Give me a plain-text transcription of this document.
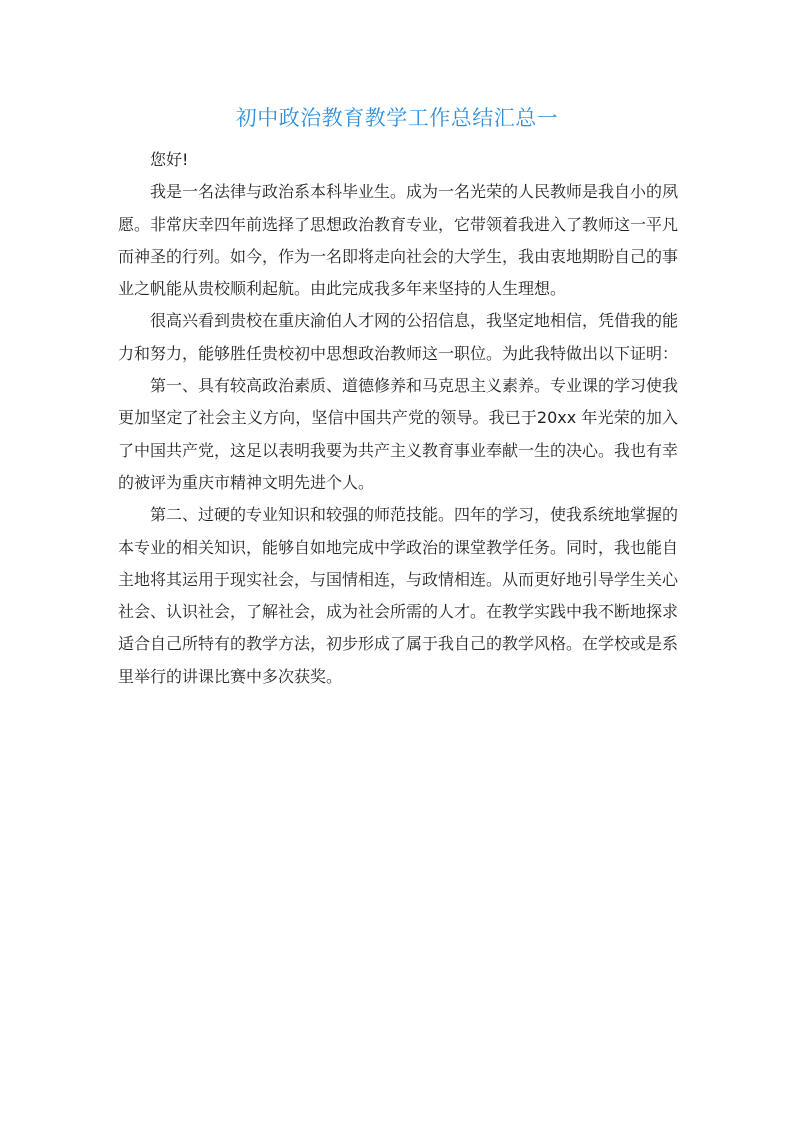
初中政治教育教学工作总结汇总一

您好!

我是一名法律与政治系本科毕业生。成为一名光荣的人民教师是我自小的夙愿。非常庆幸四年前选择了思想政治教育专业，它带领着我进入了教师这一平凡而神圣的行列。如今，作为一名即将走向社会的大学生，我由衷地期盼自己的事业之帆能从贵校顺利起航。由此完成我多年来坚持的人生理想。

很高兴看到贵校在重庆渝伯人才网的公招信息，我坚定地相信，凭借我的能力和努力，能够胜任贵校初中思想政治教师这一职位。为此我特做出以下证明：

第一、具有较高政治素质、道德修养和马克思主义素养。专业课的学习使我更加坚定了社会主义方向，坚信中国共产党的领导。我已于20xx 年光荣的加入了中国共产党，这足以表明我要为共产主义教育事业奉献一生的决心。我也有幸的被评为重庆市精神文明先进个人。

第二、过硬的专业知识和较强的师范技能。四年的学习，使我系统地掌握的本专业的相关知识，能够自如地完成中学政治的课堂教学任务。同时，我也能自主地将其运用于现实社会，与国情相连，与政情相连。从而更好地引导学生关心社会、认识社会，了解社会，成为社会所需的人才。在教学实践中我不断地探求适合自己所特有的教学方法，初步形成了属于我自己的教学风格。在学校或是系里举行的讲课比赛中多次获奖。
